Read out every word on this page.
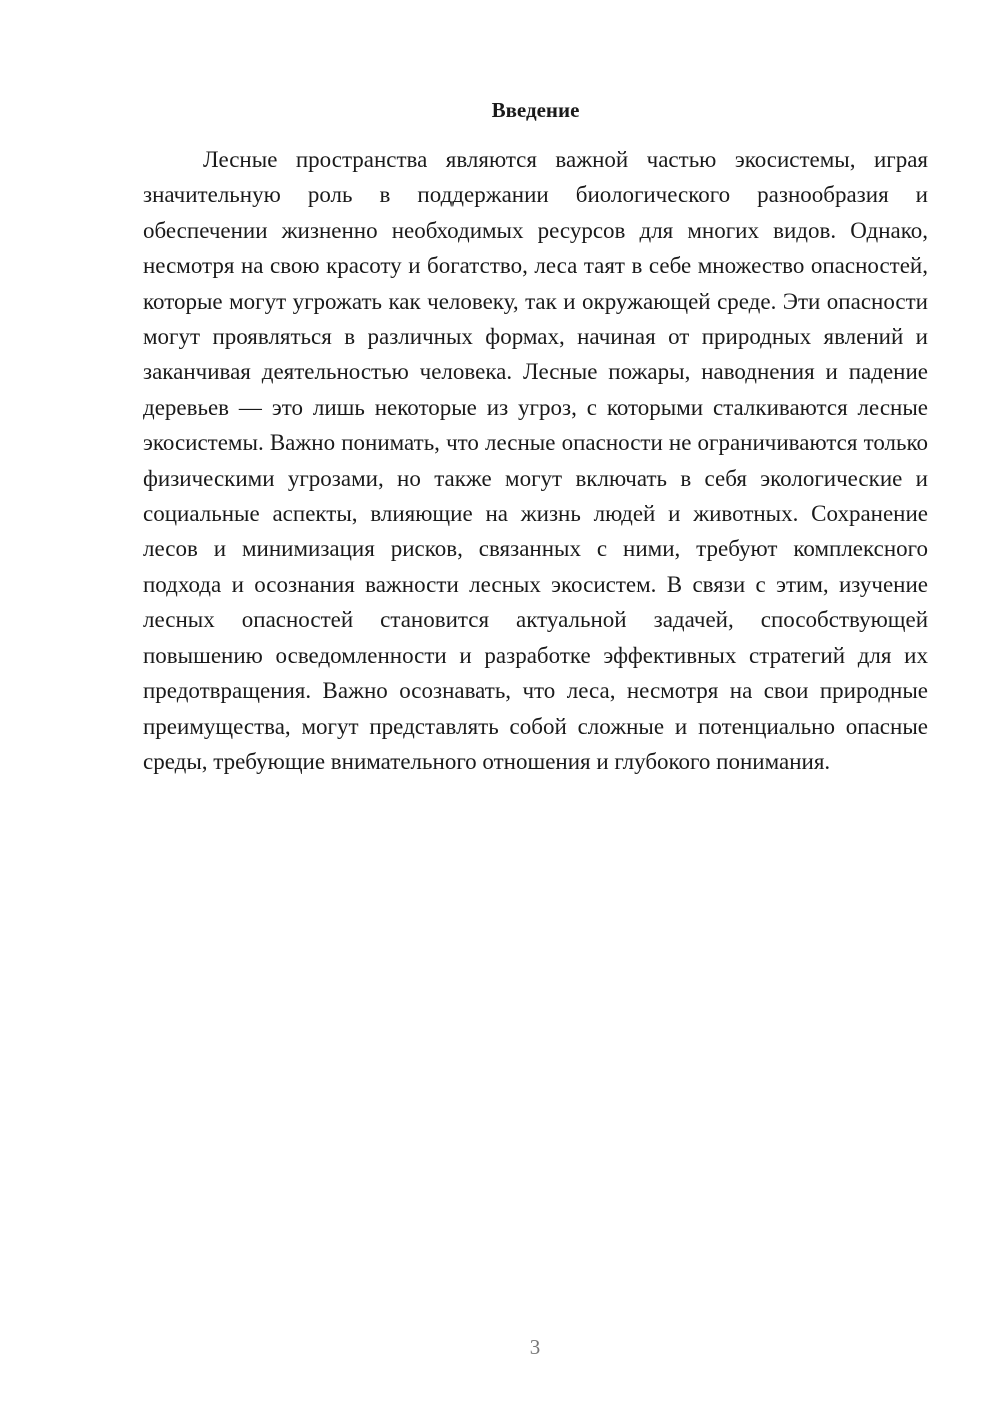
Введение

Лесные пространства являются важной частью экосистемы, играя значительную роль в поддержании биологического разнообразия и обеспечении жизненно необходимых ресурсов для многих видов. Однако, несмотря на свою красоту и богатство, леса таят в себе множество опасностей, которые могут угрожать как человеку, так и окружающей среде. Эти опасности могут проявляться в различных формах, начиная от природных явлений и заканчивая деятельностью человека. Лесные пожары, наводнения и падение деревьев — это лишь некоторые из угроз, с которыми сталкиваются лесные экосистемы. Важно понимать, что лесные опасности не ограничиваются только физическими угрозами, но также могут включать в себя экологические и социальные аспекты, влияющие на жизнь людей и животных. Сохранение лесов и минимизация рисков, связанных с ними, требуют комплексного подхода и осознания важности лесных экосистем. В связи с этим, изучение лесных опасностей становится актуальной задачей, способствующей повышению осведомленности и разработке эффективных стратегий для их предотвращения. Важно осознавать, что леса, несмотря на свои природные преимущества, могут представлять собой сложные и потенциально опасные среды, требующие внимательного отношения и глубокого понимания.

3
